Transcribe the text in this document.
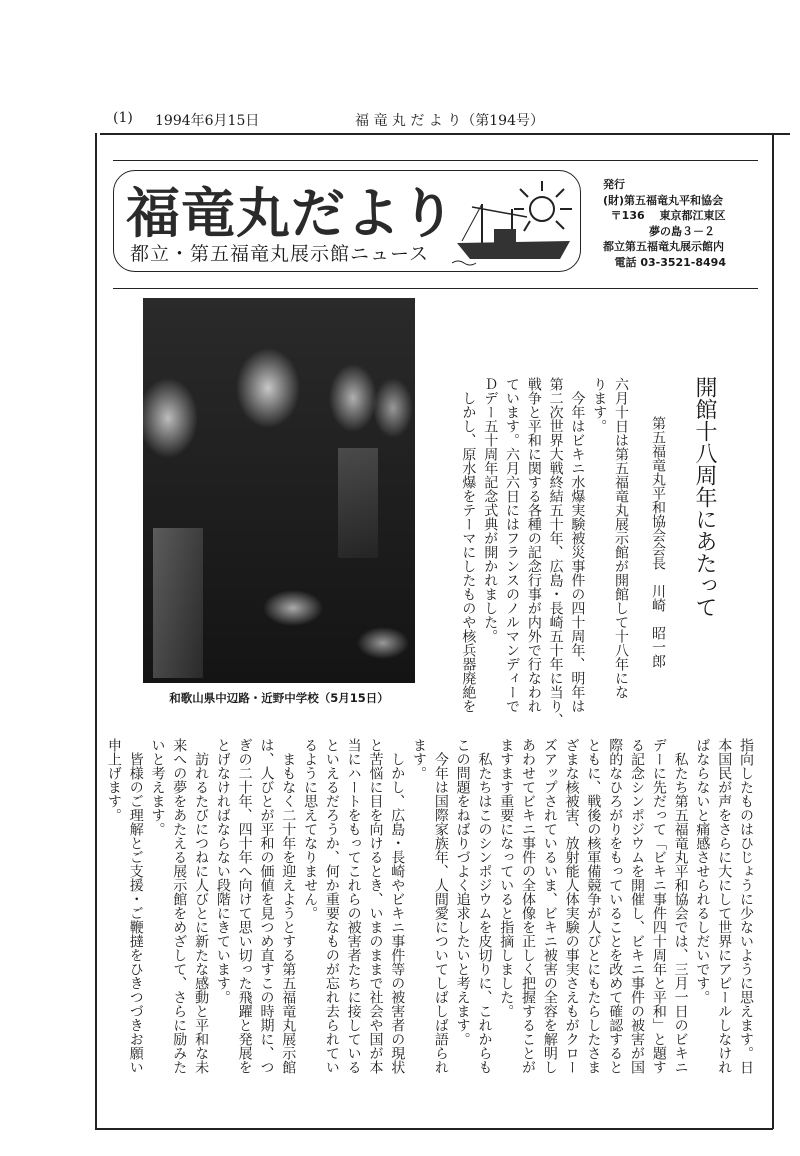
(1) 1994年6月15日	福 竜 丸 だ よ り（第194号）
福竜丸だより
都立・第五福竜丸展示館ニュース
発行
(財)第五福竜丸平和協会
〒136　 東京都江東区
夢の島３－２
都立第五福竜丸展示館内
電話 03-3521-8494
和歌山県中辺路・近野中学校（5月15日）
開館十八周年にあたって
第五福竜丸平和協会会長　川崎　昭一郎
六月十日は第五福竜丸展示館が開館して十八年にな
ります。
　今年はビキニ水爆実験被災事件の四十周年、明年は
第二次世界大戦終結五十年、広島・長崎五十年に当り、
戦争と平和に関する各種の記念行事が内外で行なわれ
ています。六月六日にはフランスのノルマンディーで
Ｄデー五十周年記念式典が開かれました。
　しかし、原水爆をテーマにしたものや核兵器廃絶を
指向したものはひじょうに少ないように思えます。日
本国民が声をさらに大にして世界にアピールしなけれ
ばならないと痛感させられるしだいです。
　私たち第五福竜丸平和協会では、三月一日のビキニ
デーに先だって「ビキニ事件四十周年と平和」と題す
る記念シンポジウムを開催し、ビキニ事件の被害が国
際的なひろがりをもっていることを改めて確認すると
ともに、戦後の核軍備競争が人びとにもたらしたさま
ざまな核被害、放射能人体実験の事実さえもがクロー
ズアップされているいま、ビキニ被害の全容を解明し
あわせてビキニ事件の全体像を正しく把握することが
ますます重要になっていると指摘しました。
　私たちはこのシンポジウムを皮切りに、これからも
この問題をねばりづよく追求したいと考えます。
　今年は国際家族年、人間愛についてしばしば語られ
ます。
　しかし、広島・長崎やビキニ事件等の被害者の現状
と苦悩に目を向けるとき、いまのままで社会や国が本
当にハートをもってこれらの被害者たちに接している
といえるだろうか、何か重要なものが忘れ去られてい
るように思えてなりません。
　まもなく二十年を迎えようとする第五福竜丸展示館
は、人びとが平和の価値を見つめ直すこの時期に、つ
ぎの二十年、四十年へ向けて思い切った飛躍と発展を
とげなければならない段階にきています。
　訪れるたびにつねに人びとに新たな感動と平和な未
来への夢をあたえる展示館をめざして、さらに励みた
いと考えます。
　皆様のご理解とご支援・ご鞭撻をひきつづきお願い
申上げます。
